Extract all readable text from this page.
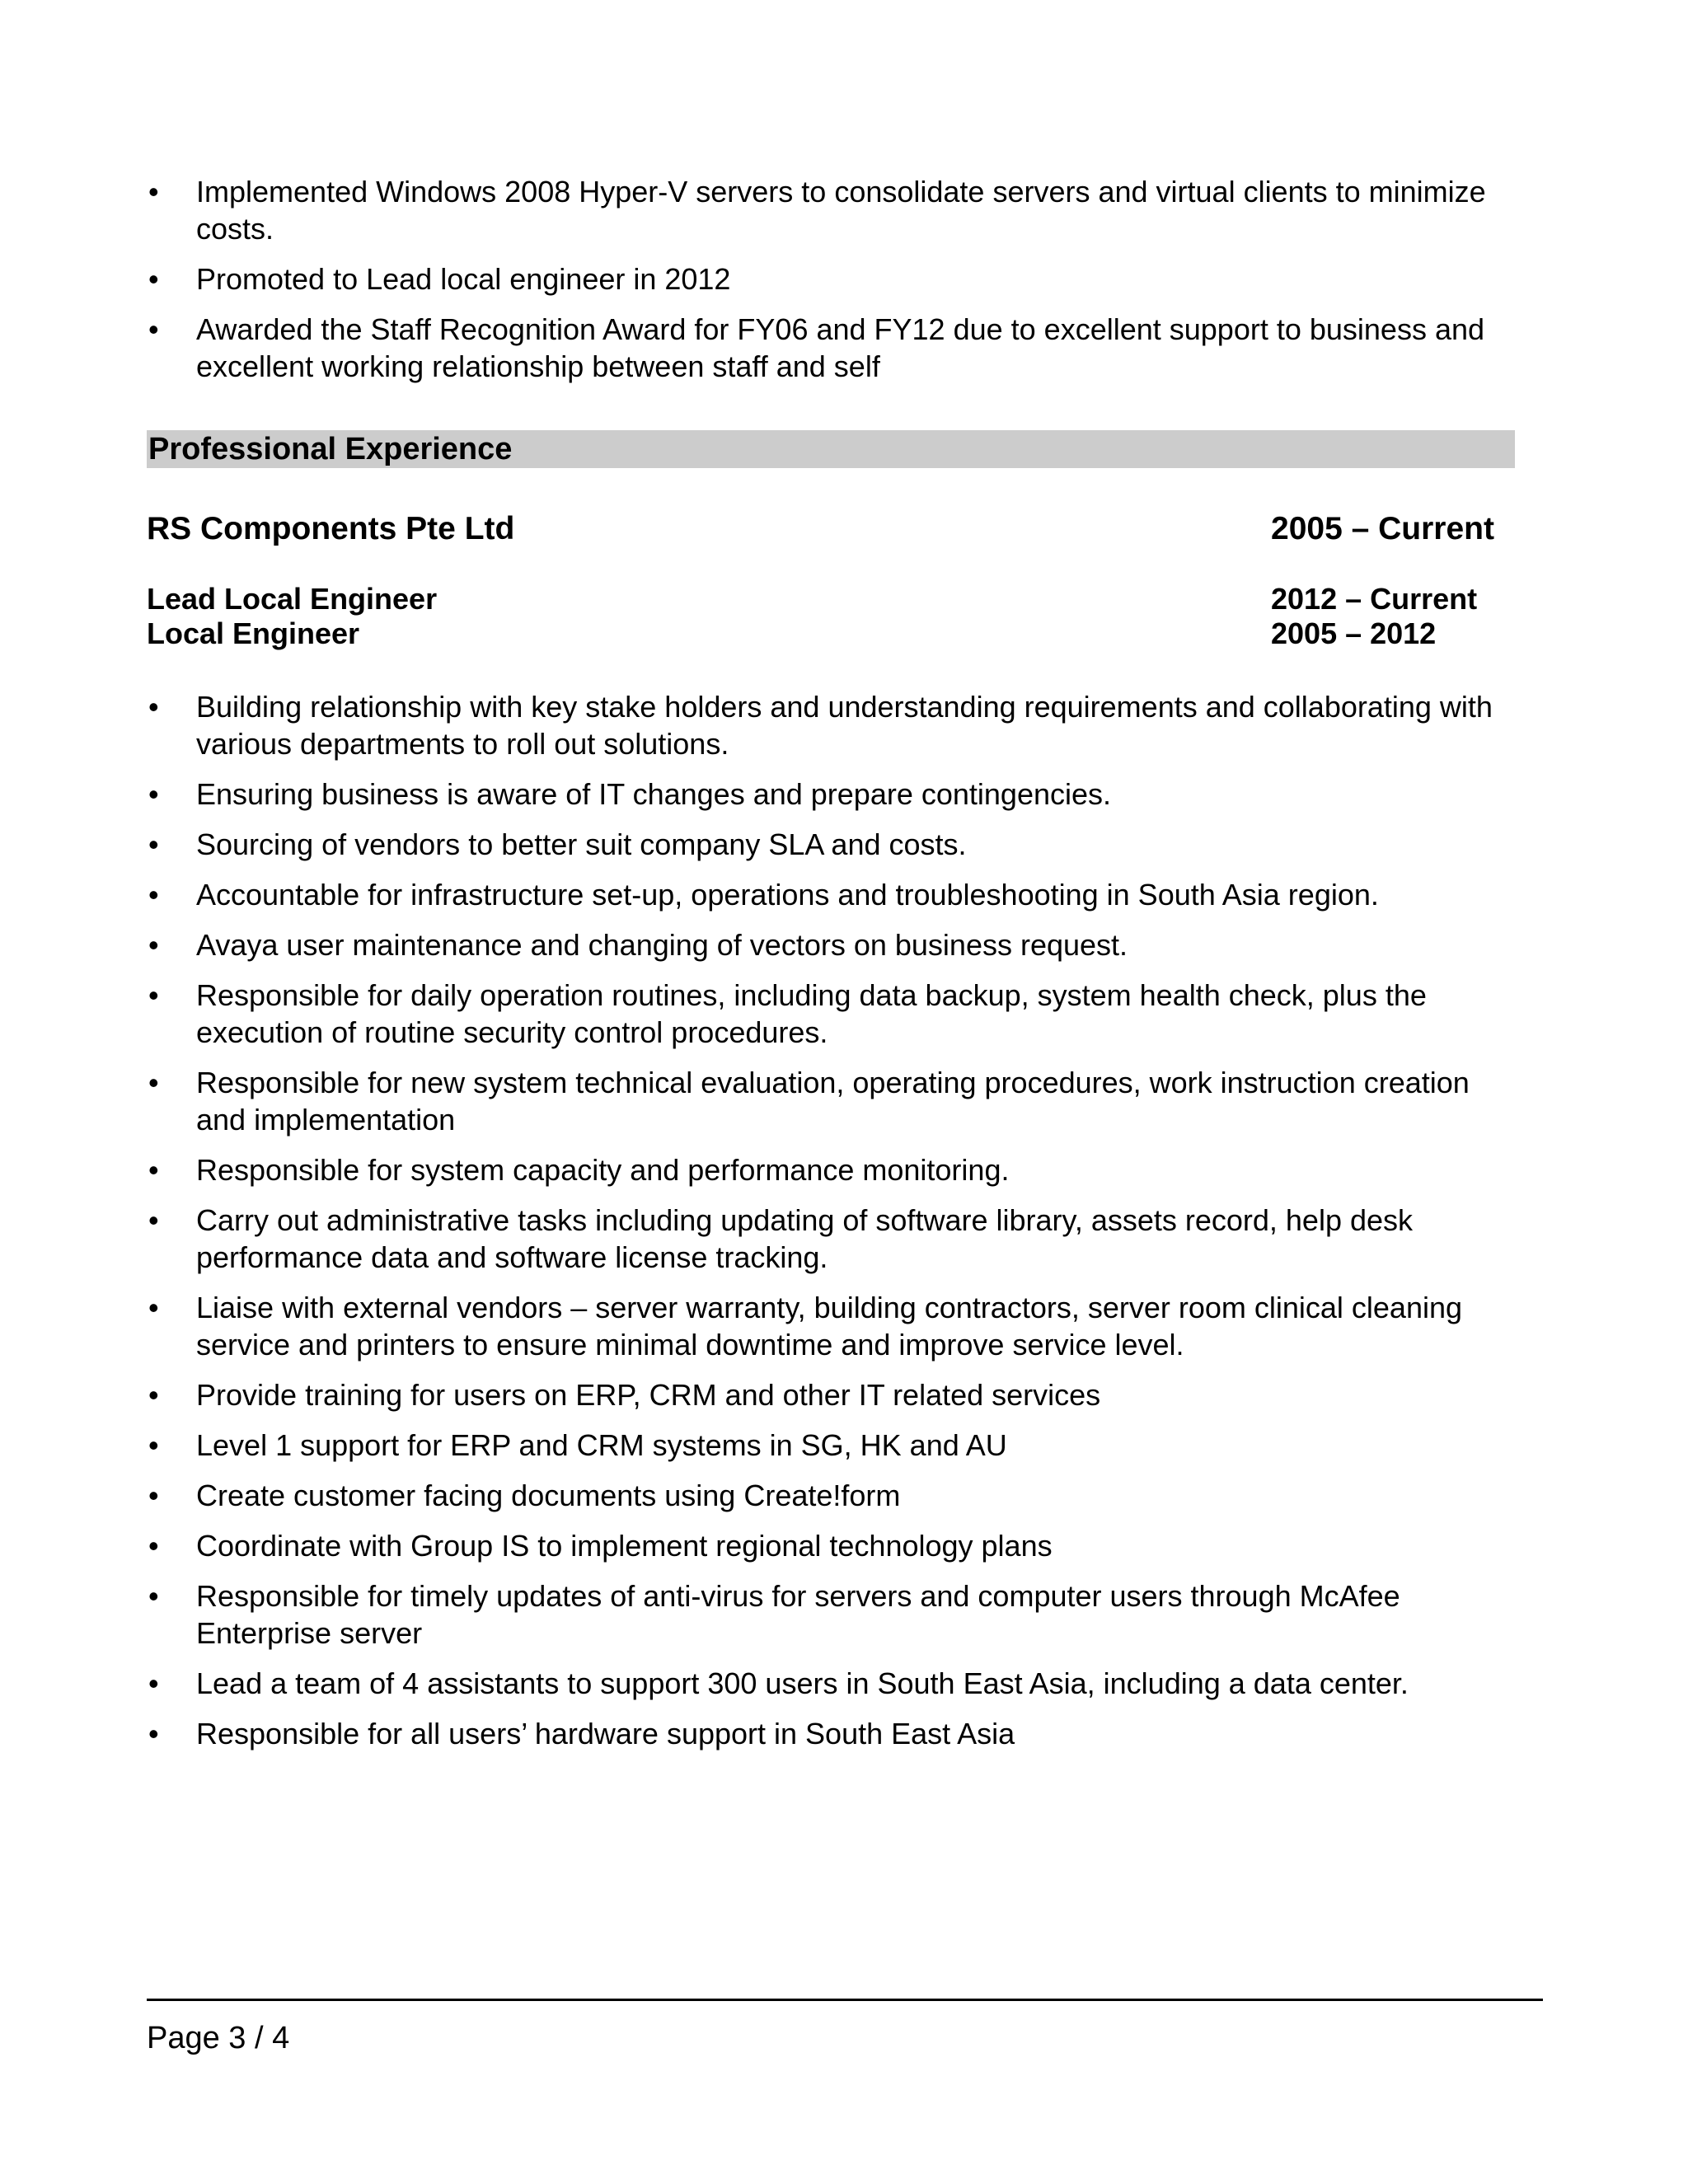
• Implemented Windows 2008 Hyper-V servers to consolidate servers and virtual clients to minimize costs.
• Promoted to Lead local engineer in 2012
• Awarded the Staff Recognition Award for FY06 and FY12 due to excellent support to business and excellent working relationship between staff and self
Professional Experience
RS Components Pte Ltd	2005 – Current
Lead Local Engineer	2012 – Current
Local Engineer	2005 – 2012
• Building relationship with key stake holders and understanding requirements and collaborating with various departments to roll out solutions.
• Ensuring business is aware of IT changes and prepare contingencies.
• Sourcing of vendors to better suit company SLA and costs.
• Accountable for infrastructure set-up, operations and troubleshooting in South Asia region.
• Avaya user maintenance and changing of vectors on business request.
• Responsible for daily operation routines, including data backup, system health check, plus the execution of routine security control procedures.
• Responsible for new system technical evaluation, operating procedures, work instruction creation and implementation
• Responsible for system capacity and performance monitoring.
• Carry out administrative tasks including updating of software library, assets record, help desk performance data and software license tracking.
• Liaise with external vendors – server warranty, building contractors, server room clinical cleaning service and printers to ensure minimal downtime and improve service level.
• Provide training for users on ERP, CRM and other IT related services
• Level 1 support for ERP and CRM systems in SG, HK and AU
• Create customer facing documents using Create!form
• Coordinate with Group IS to implement regional technology plans
• Responsible for timely updates of anti-virus for servers and computer users through McAfee Enterprise server
• Lead a team of 4 assistants to support 300 users in South East Asia, including a data center.
• Responsible for all users’ hardware support in South East Asia
Page 3 / 4
